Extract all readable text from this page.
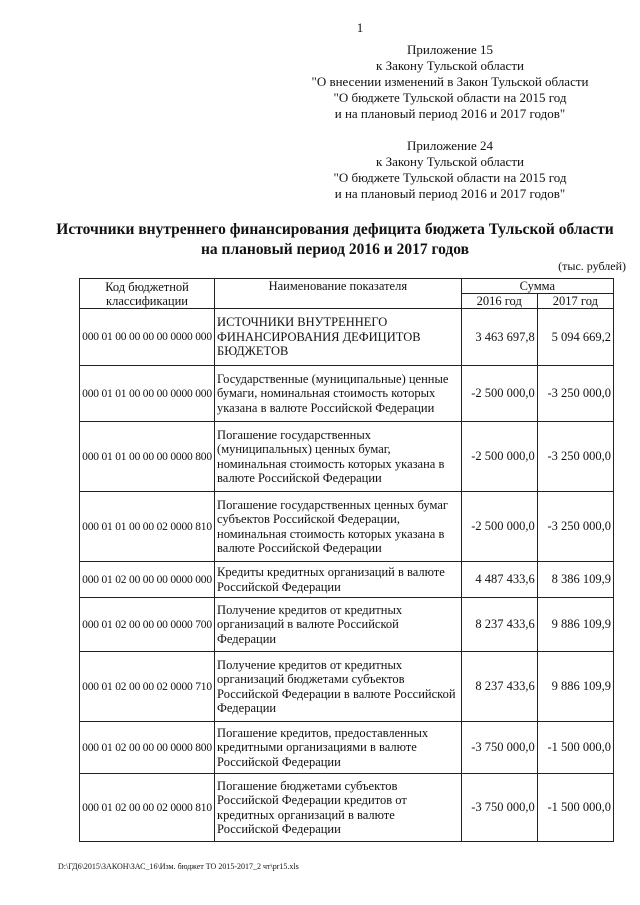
1
Приложение 15
к Закону Тульской области
"О внесении изменений в Закон Тульской области
"О бюджете Тульской области на 2015 год
и на плановый период 2016 и 2017 годов"
Приложение 24
к Закону Тульской области
"О бюджете Тульской области на 2015 год
и на плановый период 2016 и 2017 годов"
Источники внутреннего финансирования дефицита бюджета Тульской области
на плановый период 2016 и 2017 годов
(тыс. рублей)
Код бюджетной классификации	Наименование показателя	Сумма	
		2016 год	2017 год
000 01 00 00 00 00 0000 000	ИСТОЧНИКИ ВНУТРЕННЕГО ФИНАНСИРОВАНИЯ ДЕФИЦИТОВ БЮДЖЕТОВ	3 463 697,8	5 094 669,2
000 01 01 00 00 00 0000 000	Государственные (муниципальные) ценные бумаги, номинальная стоимость которых указана в валюте Российской Федерации	-2 500 000,0	-3 250 000,0
000 01 01 00 00 00 0000 800	Погашение государственных (муниципальных) ценных бумаг, номинальная стоимость которых указана в валюте Российской Федерации	-2 500 000,0	-3 250 000,0
000 01 01 00 00 02 0000 810	Погашение государственных ценных бумаг субъектов Российской Федерации, номинальная стоимость которых указана в валюте Российской Федерации	-2 500 000,0	-3 250 000,0
000 01 02 00 00 00 0000 000	Кредиты кредитных организаций в валюте Российской Федерации	4 487 433,6	8 386 109,9
000 01 02 00 00 00 0000 700	Получение кредитов от кредитных организаций в валюте Российской Федерации	8 237 433,6	9 886 109,9
000 01 02 00 00 02 0000 710	Получение кредитов от кредитных организаций бюджетами субъектов Российской Федерации в валюте Российской Федерации	8 237 433,6	9 886 109,9
000 01 02 00 00 00 0000 800	Погашение кредитов, предоставленных кредитными организациями в валюте Российской Федерации	-3 750 000,0	-1 500 000,0
000 01 02 00 00 02 0000 810	Погашение бюджетами субъектов Российской Федерации кредитов от кредитных организаций в валюте Российской Федерации	-3 750 000,0	-1 500 000,0
D:\ГД6\2015\ЗАКОН\ЗАС_16\Изм. бюджет ТО 2015-2017_2 чт\pr15.xls
